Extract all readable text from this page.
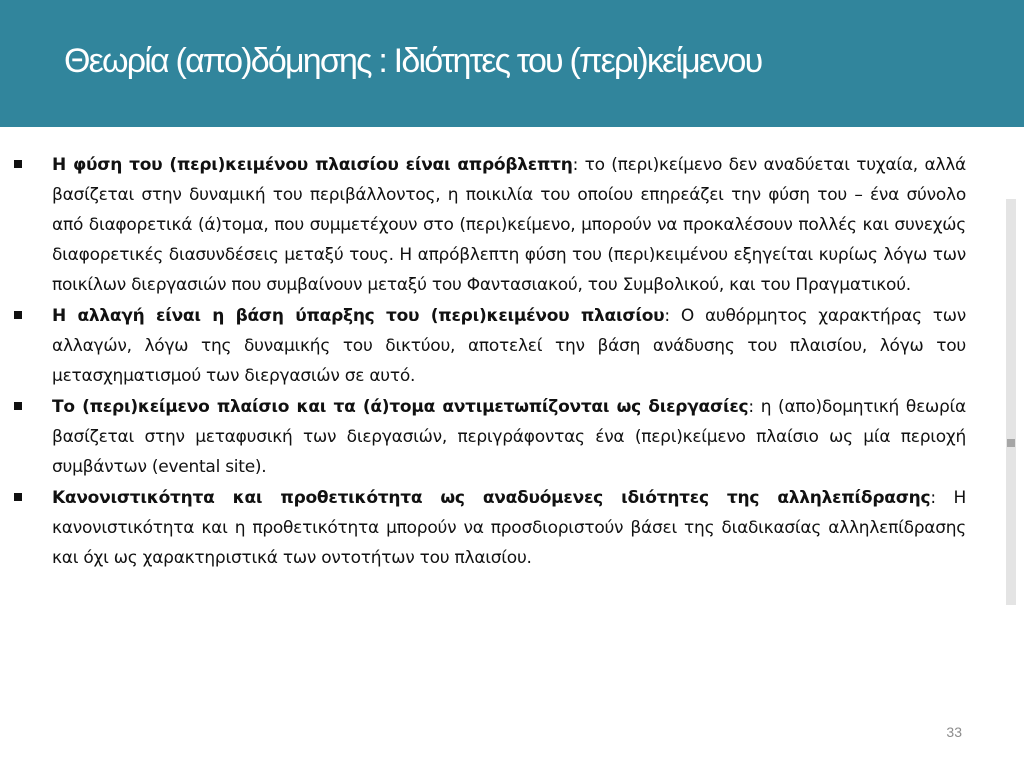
Θεωρία (απο)δόμησης : Ιδιότητες του (περι)κείμενου
Η φύση του (περι)κειμένου πλαισίου είναι απρόβλεπτη: το (περι)κείμενο δεν αναδύεται τυχαία, αλλά βασίζεται στην δυναμική του περιβάλλοντος, η ποικιλία του οποίου επηρεάζει την φύση του – ένα σύνολο από διαφορετικά (ά)τομα, που συμμετέχουν στο (περι)κείμενο, μπορούν να προκαλέσουν πολλές και συνεχώς διαφορετικές διασυνδέσεις μεταξύ τους. Η απρόβλεπτη φύση του (περι)κειμένου εξηγείται κυρίως λόγω των ποικίλων διεργασιών που συμβαίνουν μεταξύ του Φαντασιακού, του Συμβολικού, και του Πραγματικού.
Η αλλαγή είναι η βάση ύπαρξης του (περι)κειμένου πλαισίου: Ο αυθόρμητος χαρακτήρας των αλλαγών, λόγω της δυναμικής του δικτύου, αποτελεί την βάση ανάδυσης του πλαισίου, λόγω του μετασχηματισμού των διεργασιών σε αυτό.
Το (περι)κείμενο πλαίσιο και τα (ά)τομα αντιμετωπίζονται ως διεργασίες: η (απο)δομητική θεωρία βασίζεται στην μεταφυσική των διεργασιών, περιγράφοντας ένα (περι)κείμενο πλαίσιο ως μία περιοχή συμβάντων (evental site).
Κανονιστικότητα και προθετικότητα ως αναδυόμενες ιδιότητες της αλληλεπίδρασης: Η κανονιστικότητα και η προθετικότητα μπορούν να προσδιοριστούν βάσει της διαδικασίας αλληλεπίδρασης και όχι ως χαρακτηριστικά των οντοτήτων του πλαισίου.
33
